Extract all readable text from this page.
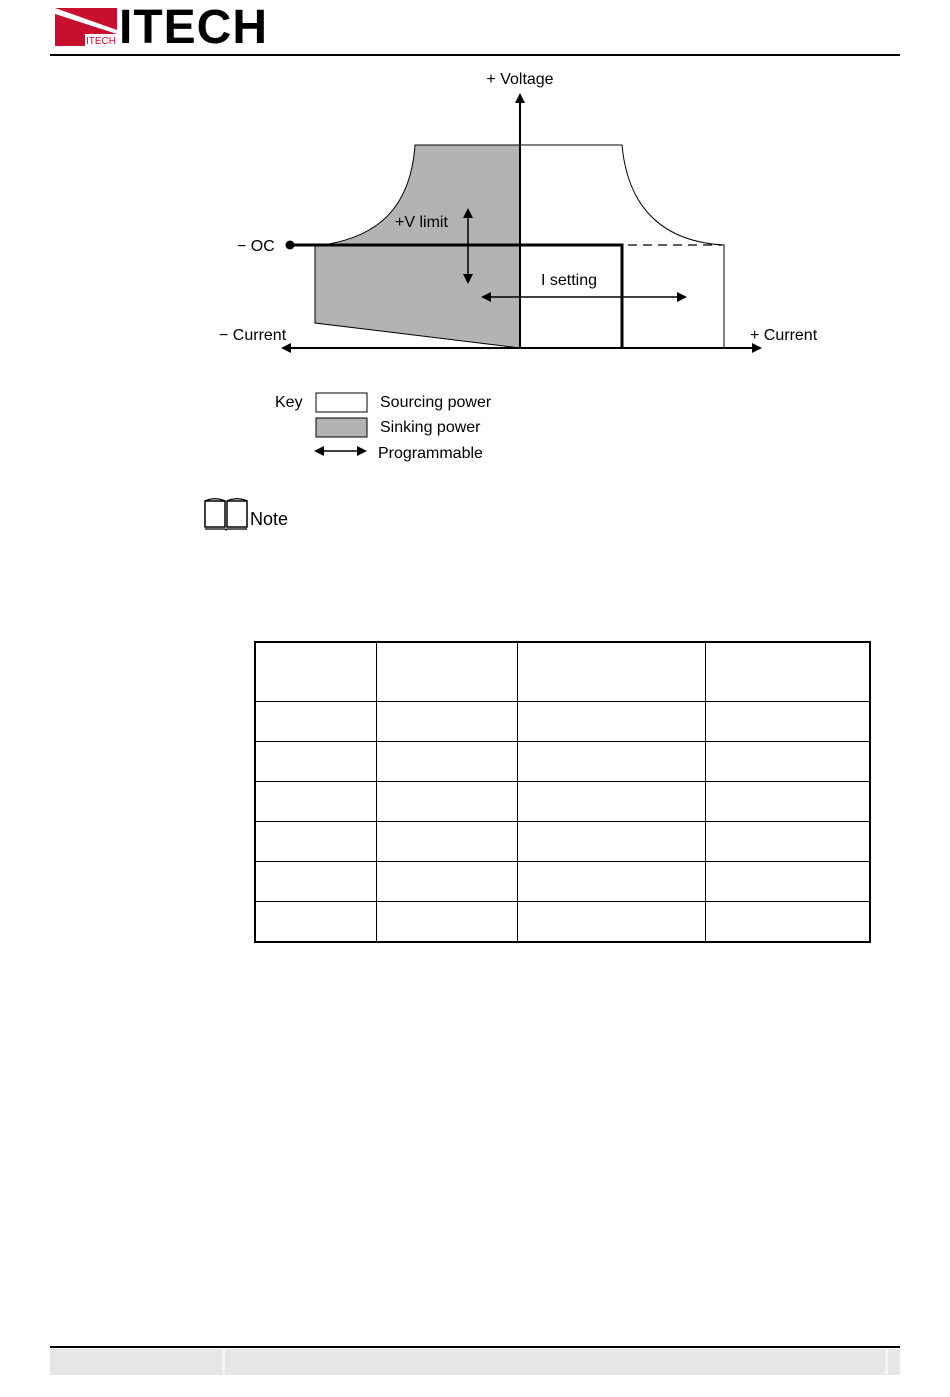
ITECH ITECH
+ Voltage
− OC
+V limit
I setting
− Current	+ Current
Key	Sourcing power
Sinking power
Programmable
Note
